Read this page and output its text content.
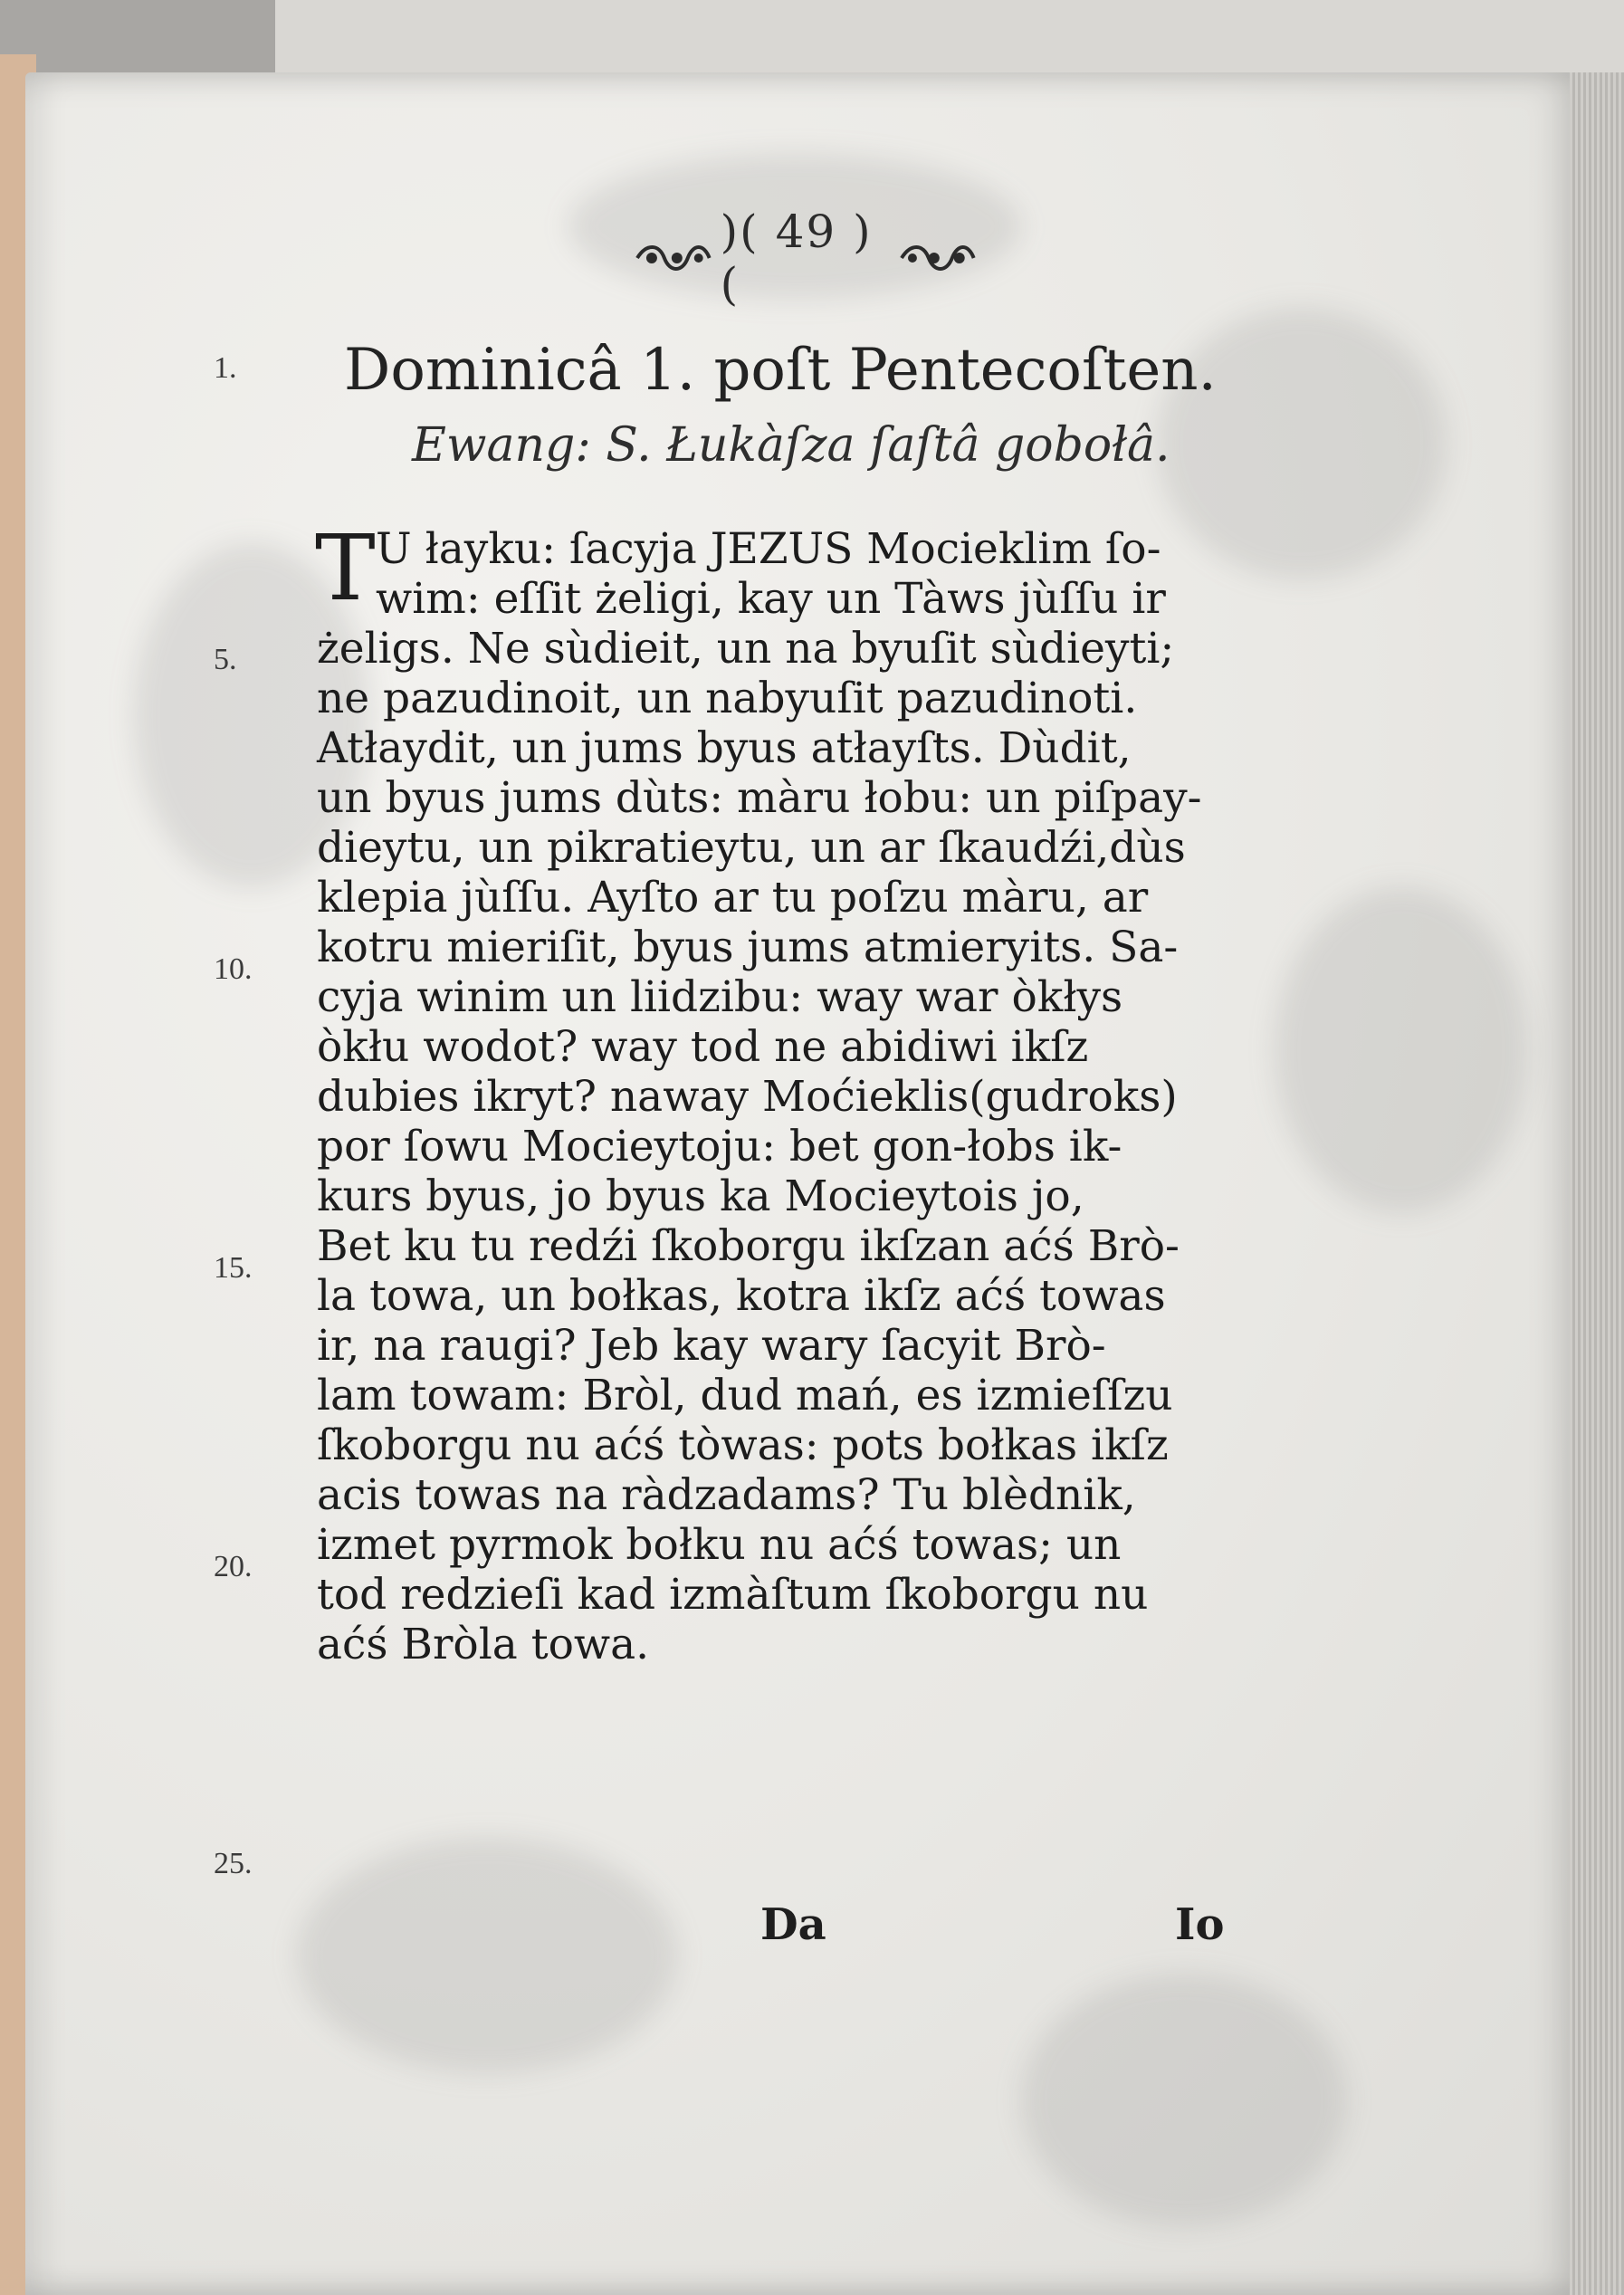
)( 49 )(
Dominicâ 1. poſt Pentecoſten.
Ewang: S. Łukàſza ſaſtâ gobołâ.
T U łayku: ſacyja JEZUS Mocieklim ſo-
wim: eſſit żeligi, kay un Tàws jùſſu ir
żeligs. Ne sùdieit, un na byuſit sùdieyti;
ne pazudinoit, un nabyuſit pazudinoti.
Atłaydit, un jums byus atłayſts. Dùdit,
un byus jums dùts: màru łobu: un piſpay-
dieytu, un pikratieytu, un ar ſkaudźi,dùs
klepia jùſſu. Ayſto ar tu poſzu màru, ar
kotru mieriſit, byus jums atmieryits. Sa-
cyja winim un liidzibu: way war òkłys
òkłu wodot? way tod ne abidiwi ikſz
dubies ikryt? naway Moćieklis(gudroks)
por ſowu Mocieytoju: bet gon-łobs ik-
kurs byus, jo byus ka Mocieytois jo,
Bet ku tu redźi ſkoborgu ikſzan aćś Brò-
la towa, un bołkas, kotra ikſz aćś towas
ir, na raugi? Jeb kay wary ſacyit Brò-
lam towam: Bròl, dud mań, es izmieſſzu
ſkoborgu nu aćś tòwas: pots bołkas ikſz
acis towas na ràdzadams? Tu blèdnik,
izmet pyrmok bołku nu aćś towas; un
tod redzieſi kad izmàſtum ſkoborgu nu
aćś Bròla towa.
1.
5.
10.
15.
20.
25.
Da	Io
